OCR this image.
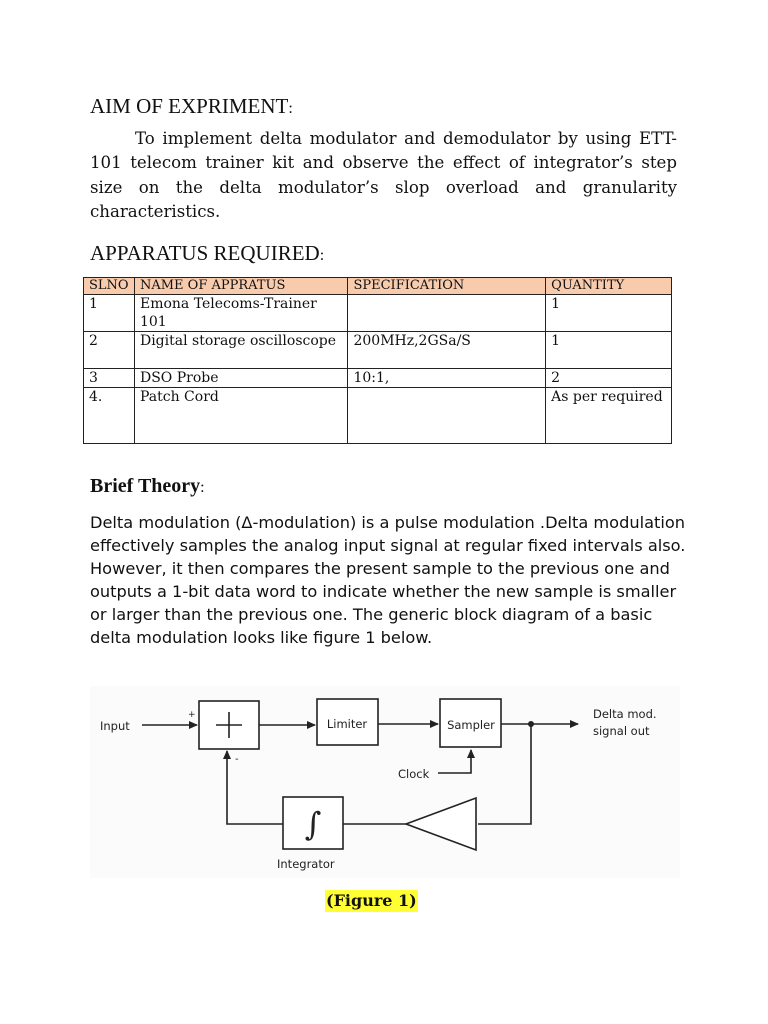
AIM OF EXPRIMENT:

To implement delta modulator and demodulator by using ETT-101 telecom trainer kit and observe the effect of integrator’s step size on the delta modulator’s slop overload and granularity characteristics.

APPARATUS REQUIRED:
SLNO	NAME OF APPRATUS	SPECIFICATION	QUANTITY
1	Emona Telecoms-Trainer 101		1
2	Digital storage oscilloscope	200MHz,2GSa/S	1
3	DSO Probe	10:1,	2
4.	Patch Cord		As per required
Brief Theory:

Delta modulation (Δ-modulation) is a pulse modulation .Delta modulation effectively samples the analog input signal at regular fixed intervals also. However, it then compares the present sample to the previous one and outputs a 1-bit data word to indicate whether the new sample is smaller or larger than the previous one. The generic block diagram of a basic delta modulation looks like figure 1 below.

Input
+
-
Limiter	Sampler
Clock
Delta mod.
signal out
Integrator
∫

(Figure 1)
